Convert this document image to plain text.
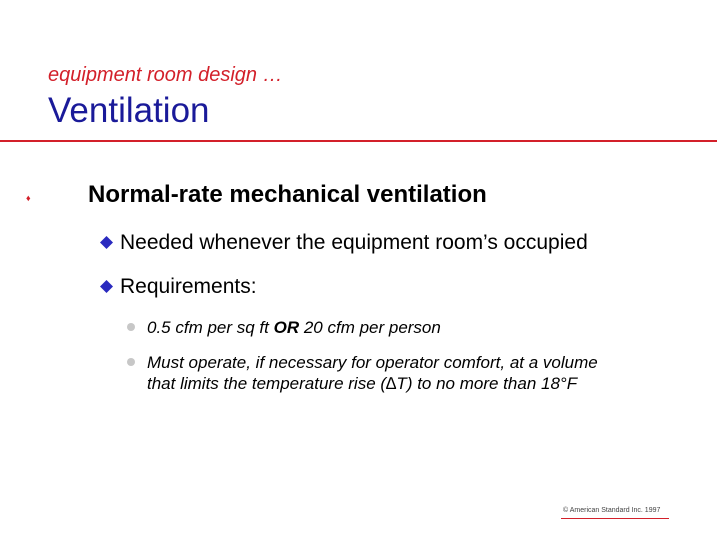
equipment room design …
Ventilation
♦ Normal-rate mechanical ventilation
Needed whenever the equipment room’s occupied
Requirements:
0.5 cfm per sq ft OR 20 cfm per person
Must operate, if necessary for operator comfort, at a volume
that limits the temperature rise (∆T) to no more than 18°F
© American Standard Inc. 1997
